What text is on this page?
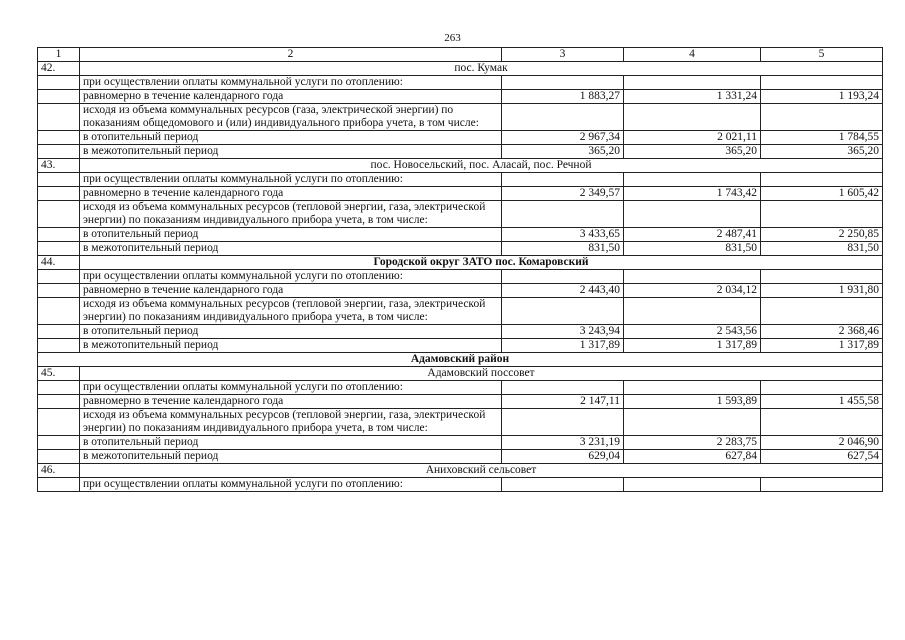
263
1	2	3	4	5
42.	пос. Кумак			
	при осуществлении оплаты коммунальной услуги по отоплению:			
	равномерно в течение календарного года	1 883,27	1 331,24	1 193,24
	исходя из объема коммунальных ресурсов (газа, электрической энергии) по показаниям общедомового и (или) индивидуального прибора учета, в том числе:			
	в отопительный период	2 967,34	2 021,11	1 784,55
	в межотопительный период	365,20	365,20	365,20
43.	пос. Новосельский, пос. Аласай, пос. Речной			
	при осуществлении оплаты коммунальной услуги по отоплению:			
	равномерно в течение календарного года	2 349,57	1 743,42	1 605,42
	исходя из объема коммунальных ресурсов (тепловой энергии, газа, электрической энергии) по показаниям индивидуального прибора учета, в том числе:			
	в отопительный период	3 433,65	2 487,41	2 250,85
	в межотопительный период	831,50	831,50	831,50
44.	Городской округ ЗАТО пос. Комаровский			
	при осуществлении оплаты коммунальной услуги по отоплению:			
	равномерно в течение календарного года	2 443,40	2 034,12	1 931,80
	исходя из объема коммунальных ресурсов (тепловой энергии, газа, электрической энергии) по показаниям индивидуального прибора учета, в том числе:			
	в отопительный период	3 243,94	2 543,56	2 368,46
	в межотопительный период	1 317,89	1 317,89	1 317,89
Адамовский район				
45.	Адамовский поссовет			
	при осуществлении оплаты коммунальной услуги по отоплению:			
	равномерно в течение календарного года	2 147,11	1 593,89	1 455,58
	исходя из объема коммунальных ресурсов (тепловой энергии, газа, электрической энергии) по показаниям индивидуального прибора учета, в том числе:			
	в отопительный период	3 231,19	2 283,75	2 046,90
	в межотопительный период	629,04	627,84	627,54
46.	Аниховский сельсовет			
	при осуществлении оплаты коммунальной услуги по отоплению:			
